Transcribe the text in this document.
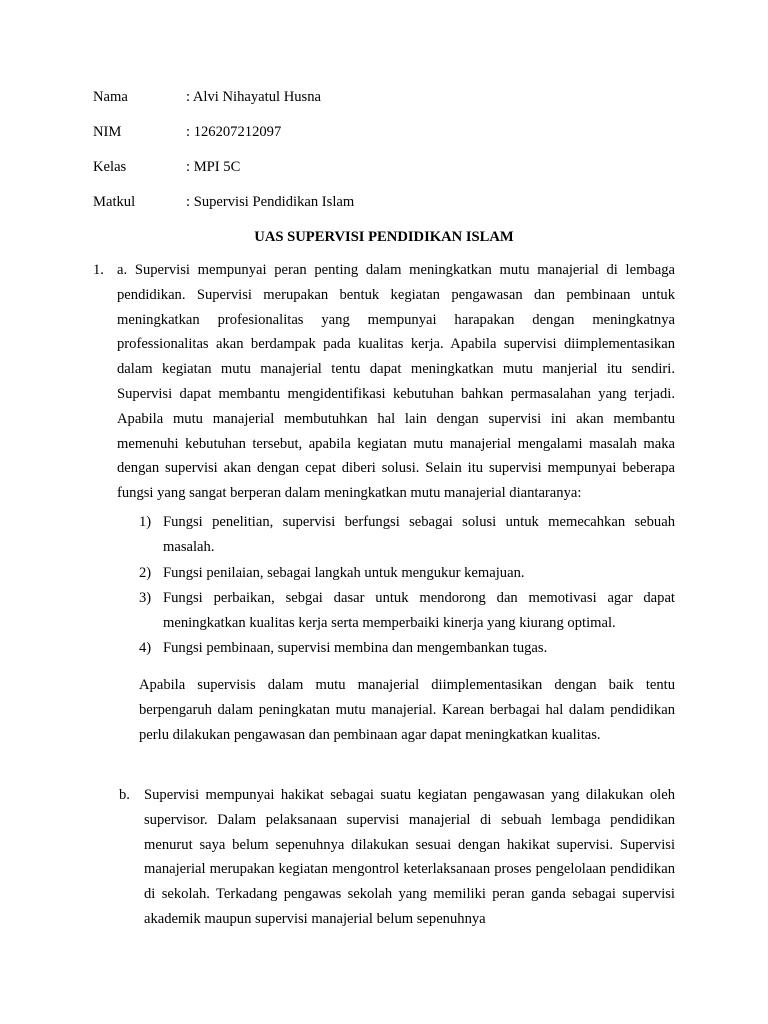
Nama	: Alvi Nihayatul Husna
NIM	: 126207212097
Kelas	: MPI 5C
Matkul	: Supervisi Pendidikan Islam
UAS SUPERVISI PENDIDIKAN ISLAM
1. a. Supervisi mempunyai peran penting dalam meningkatkan mutu manajerial di lembaga pendidikan. Supervisi merupakan bentuk kegiatan pengawasan dan pembinaan untuk meningkatkan profesionalitas yang mempunyai harapakan dengan meningkatnya professionalitas akan berdampak pada kualitas kerja. Apabila supervisi diimplementasikan dalam kegiatan mutu manajerial tentu dapat meningkatkan mutu manjerial itu sendiri. Supervisi dapat membantu mengidentifikasi kebutuhan bahkan permasalahan yang terjadi. Apabila mutu manajerial membutuhkan hal lain dengan supervisi ini akan membantu memenuhi kebutuhan tersebut, apabila kegiatan mutu manajerial mengalami masalah maka dengan supervisi akan dengan cepat diberi solusi. Selain itu supervisi mempunyai beberapa fungsi yang sangat berperan dalam meningkatkan mutu manajerial diantaranya:

1) Fungsi penelitian, supervisi berfungsi sebagai solusi untuk memecahkan sebuah masalah.

2) Fungsi penilaian, sebagai langkah untuk mengukur kemajuan.

3) Fungsi perbaikan, sebgai dasar untuk mendorong dan memotivasi agar dapat meningkatkan kualitas kerja serta memperbaiki kinerja yang kiurang optimal.

4) Fungsi pembinaan, supervisi membina dan mengembankan tugas.

Apabila supervisis dalam mutu manajerial diimplementasikan dengan baik tentu berpengaruh dalam peningkatan mutu manajerial. Karean berbagai hal dalam pendidikan perlu dilakukan pengawasan dan pembinaan agar dapat meningkatkan kualitas.

b. Supervisi mempunyai hakikat sebagai suatu kegiatan pengawasan yang dilakukan oleh supervisor. Dalam pelaksanaan supervisi manajerial di sebuah lembaga pendidikan menurut saya belum sepenuhnya dilakukan sesuai dengan hakikat supervisi. Supervisi manajerial merupakan kegiatan mengontrol keterlaksanaan proses pengelolaan pendidikan di sekolah. Terkadang pengawas sekolah yang memiliki peran ganda sebagai supervisi akademik maupun supervisi manajerial belum sepenuhnya
